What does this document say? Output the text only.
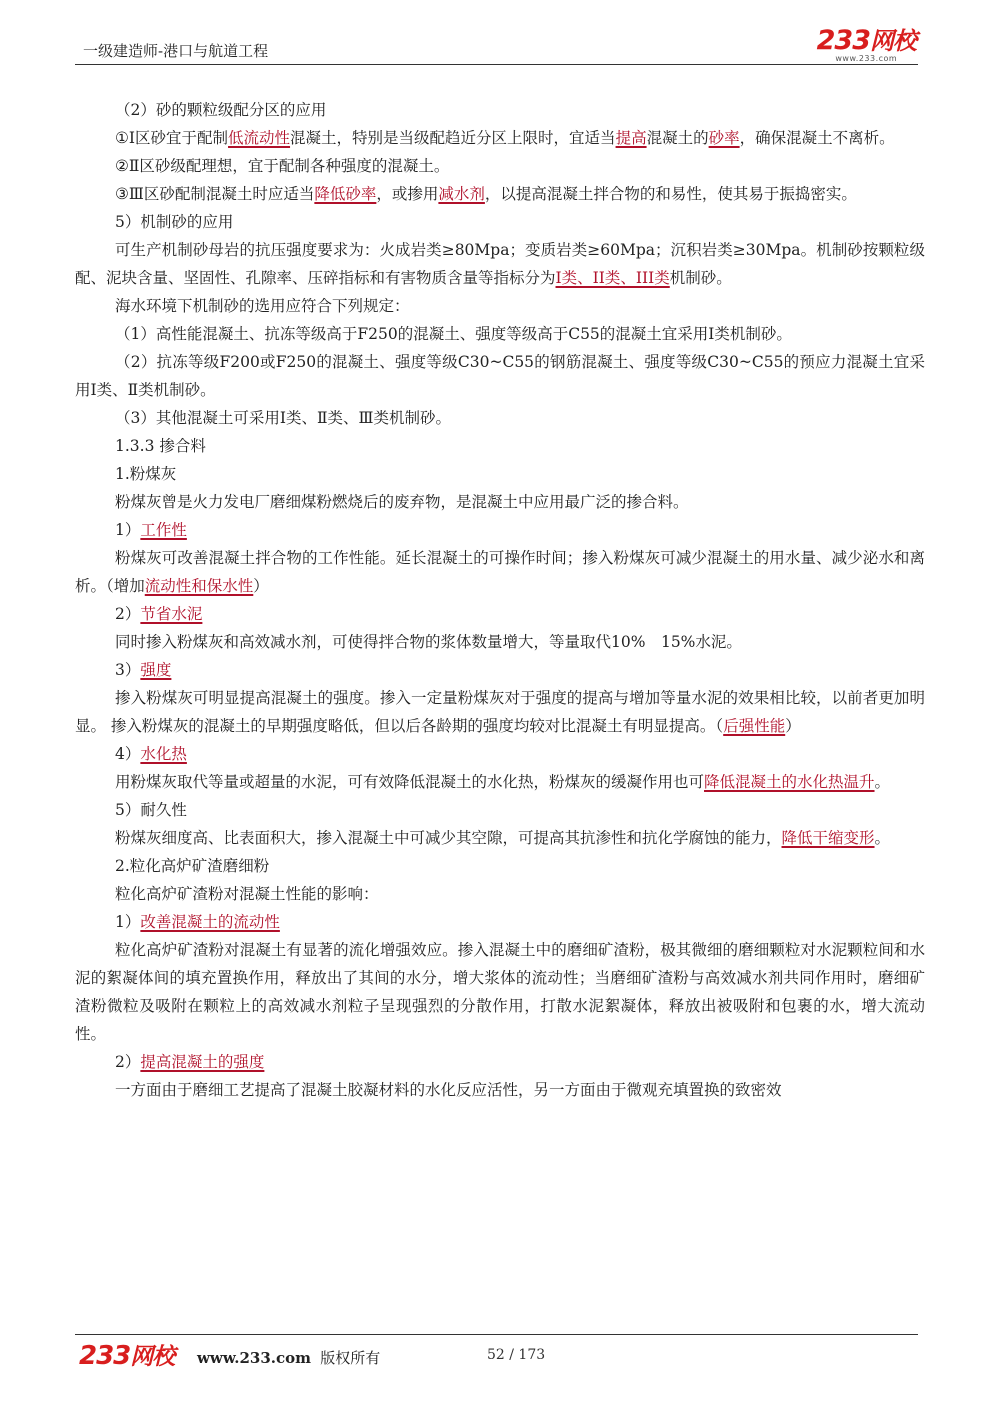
一级建造师-港口与航道工程	233网校
www.233.com

（2）砂的颗粒级配分区的应用

①Ⅰ区砂宜于配制低流动性混凝土，特别是当级配趋近分区上限时，宜适当提高混凝土的砂率，确保混凝土不离析。

②Ⅱ区砂级配理想，宜于配制各种强度的混凝土。

③Ⅲ区砂配制混凝土时应适当降低砂率，或掺用减水剂，以提高混凝土拌合物的和易性，使其易于振捣密实。

5）机制砂的应用

可生产机制砂母岩的抗压强度要求为：火成岩类≥80Mpa；变质岩类≥60Mpa；沉积岩类≥30Mpa。机制砂按颗粒级配、泥块含量、坚固性、孔隙率、压碎指标和有害物质含量等指标分为I类、II类、III类机制砂。

海水环境下机制砂的选用应符合下列规定：

（1）高性能混凝土、抗冻等级高于F250的混凝土、强度等级高于C55的混凝土宜采用Ⅰ类机制砂。

（2）抗冻等级F200或F250的混凝土、强度等级C30~C55的钢筋混凝土、强度等级C30~C55的预应力混凝土宜采用Ⅰ类、Ⅱ类机制砂。

（3）其他混凝土可采用Ⅰ类、Ⅱ类、Ⅲ类机制砂。

1.3.3 掺合料

1.粉煤灰

粉煤灰曾是火力发电厂磨细煤粉燃烧后的废弃物，是混凝土中应用最广泛的掺合料。

1）工作性

粉煤灰可改善混凝土拌合物的工作性能。延长混凝土的可操作时间；掺入粉煤灰可减少混凝土的用水量、减少泌水和离析。（增加流动性和保水性）

2）节省水泥

同时掺入粉煤灰和高效减水剂，可使得拌合物的浆体数量增大，等量取代10%　15%水泥。

3）强度

掺入粉煤灰可明显提高混凝土的强度。掺入一定量粉煤灰对于强度的提高与增加等量水泥的效果相比较，以前者更加明显。 掺入粉煤灰的混凝土的早期强度略低，但以后各龄期的强度均较对比混凝土有明显提高。（后强性能）

4）水化热

用粉煤灰取代等量或超量的水泥，可有效降低混凝土的水化热，粉煤灰的缓凝作用也可降低混凝土的水化热温升。

5）耐久性

粉煤灰细度高、比表面积大，掺入混凝土中可减少其空隙，可提高其抗渗性和抗化学腐蚀的能力，降低干缩变形。

2.粒化高炉矿渣磨细粉

粒化高炉矿渣粉对混凝土性能的影响：

1）改善混凝土的流动性

粒化高炉矿渣粉对混凝土有显著的流化增强效应。掺入混凝土中的磨细矿渣粉，极其微细的磨细颗粒对水泥颗粒间和水泥的絮凝体间的填充置换作用，释放出了其间的水分，增大浆体的流动性；当磨细矿渣粉与高效减水剂共同作用时，磨细矿渣粉微粒及吸附在颗粒上的高效减水剂粒子呈现强烈的分散作用，打散水泥絮凝体，释放出被吸附和包裹的水，增大流动性。

2）提高混凝土的强度

一方面由于磨细工艺提高了混凝土胶凝材料的水化反应活性，另一方面由于微观充填置换的致密效

233网校 www.233.com 版权所有	52 / 173
